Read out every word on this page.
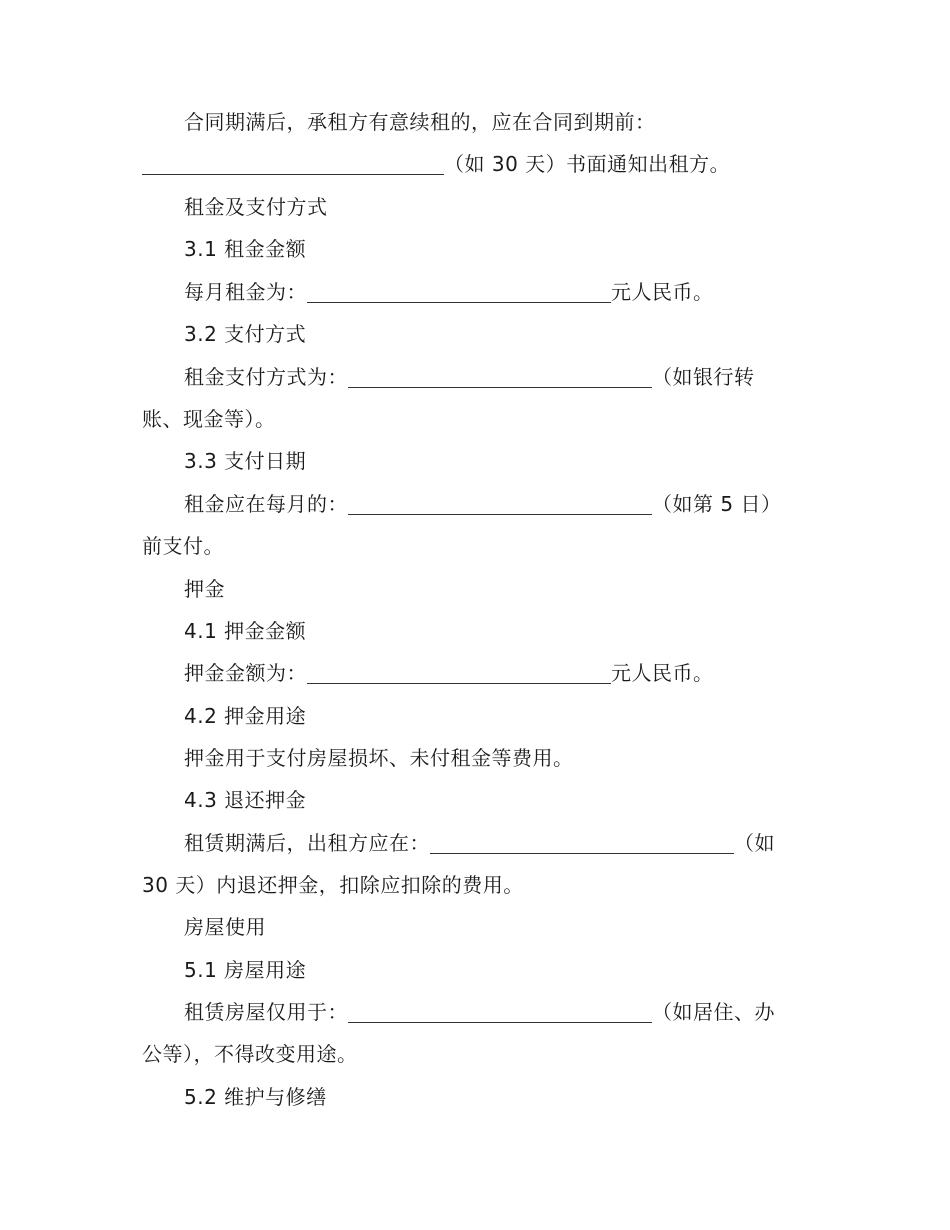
合同期满后，承租方有意续租的，应在合同到期前：
（如 30 天）书面通知出租方。
租金及支付方式
3.1 租金金额
每月租金为：	元人民币。
3.2 支付方式
租金支付方式为：	（如银行转
账、现金等）。
3.3 支付日期
租金应在每月的：	（如第 5 日）
前支付。
押金
4.1 押金金额
押金金额为：	元人民币。
4.2 押金用途
押金用于支付房屋损坏、未付租金等费用。
4.3 退还押金
租赁期满后，出租方应在：	（如
30 天）内退还押金，扣除应扣除的费用。
房屋使用
5.1 房屋用途
租赁房屋仅用于：	（如居住、办
公等），不得改变用途。
5.2 维护与修缮
